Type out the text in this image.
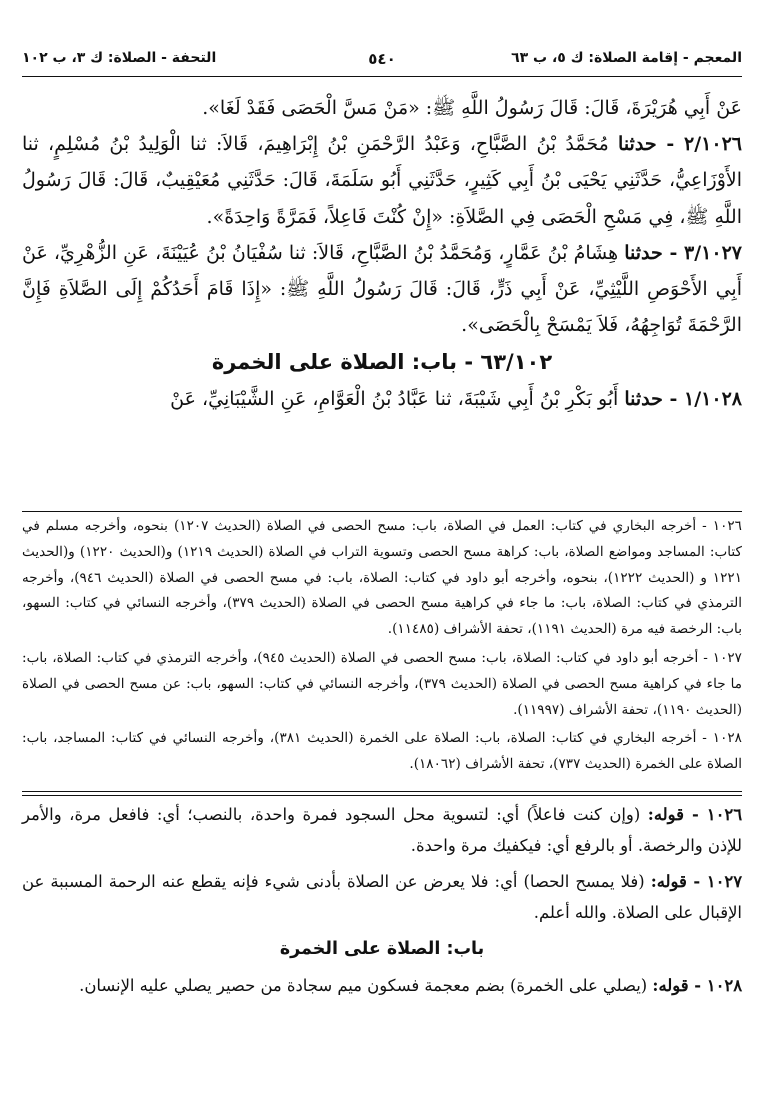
المعجم - إقامة الصلاة: ك ٥، ب ٦٣
٥٤٠
التحفة - الصلاة: ك ٣، ب ١٠٢

عَنْ أَبِي هُرَيْرَةَ، قَالَ: قَالَ رَسُولُ اللَّهِ ﷺ: «مَنْ مَسَّ الْحَصَى فَقَدْ لَغَا».

٢/١٠٢٦ - حدثنا مُحَمَّدُ بْنُ الصَّبَّاحِ، وَعَبْدُ الرَّحْمَنِ بْنُ إِبْرَاهِيمَ، قَالاَ: ثنا الْوَلِيدُ بْنُ مُسْلِمٍ، ثنا الأَوْزَاعِيُّ، حَدَّثَنِي يَحْيَى بْنُ أَبِي كَثِيرٍ، حَدَّثَنِي أَبُو سَلَمَةَ، قَالَ: حَدَّثَنِي مُعَيْقِيبٌ، قَالَ: قَالَ رَسُولُ اللَّهِ ﷺ، فِي مَسْحِ الْحَصَى فِي الصَّلاَةِ: «إِنْ كُنْتَ فَاعِلاً، فَمَرَّةً وَاحِدَةً».

٣/١٠٢٧ - حدثنا هِشَامُ بْنُ عَمَّارٍ، وَمُحَمَّدُ بْنُ الصَّبَّاحِ، قَالاَ: ثنا سُفْيَانُ بْنُ عُيَيْنَةَ، عَنِ الزُّهْرِيِّ، عَنْ أَبِي الأَحْوَصِ اللَّيْثِيِّ، عَنْ أَبِي ذَرٍّ، قَالَ: قَالَ رَسُولُ اللَّهِ ﷺ: «إِذَا قَامَ أَحَدُكُمْ إِلَى الصَّلاَةِ فَإِنَّ الرَّحْمَةَ تُوَاجِهُهُ، فَلاَ يَمْسَحْ بِالْحَصَى».

٦٣/١٠٢ - باب: الصلاة على الخمرة

١/١٠٢٨ - حدثنا أَبُو بَكْرِ بْنُ أَبِي شَيْبَةَ، ثنا عَبَّادُ بْنُ الْعَوَّامِ، عَنِ الشَّيْبَانِيِّ، عَنْ

١٠٢٦ - أخرجه البخاري في كتاب: العمل في الصلاة، باب: مسح الحصى في الصلاة (الحديث ١٢٠٧) بنحوه، وأخرجه مسلم في كتاب: المساجد ومواضع الصلاة، باب: كراهة مسح الحصى وتسوية التراب في الصلاة (الحديث ١٢١٩) و(الحديث ١٢٢٠) و(الحديث ١٢٢١ و (الحديث ١٢٢٢)، بنحوه، وأخرجه أبو داود في كتاب: الصلاة، باب: في مسح الحصى في الصلاة (الحديث ٩٤٦)، وأخرجه الترمذي في كتاب: الصلاة، باب: ما جاء في كراهية مسح الحصى في الصلاة (الحديث ٣٧٩)، وأخرجه النسائي في كتاب: السهو، باب: الرخصة فيه مرة (الحديث ١١٩١)، تحفة الأشراف (١١٤٨٥).

١٠٢٧ - أخرجه أبو داود في كتاب: الصلاة، باب: مسح الحصى في الصلاة (الحديث ٩٤٥)، وأخرجه الترمذي في كتاب: الصلاة، باب: ما جاء في كراهية مسح الحصى في الصلاة (الحديث ٣٧٩)، وأخرجه النسائي في كتاب: السهو، باب: عن مسح الحصى في الصلاة (الحديث ١١٩٠)، تحفة الأشراف (١١٩٩٧).

١٠٢٨ - أخرجه البخاري في كتاب: الصلاة، باب: الصلاة على الخمرة (الحديث ٣٨١)، وأخرجه النسائي في كتاب: المساجد، باب: الصلاة على الخمرة (الحديث ٧٣٧)، تحفة الأشراف (١٨٠٦٢).

١٠٢٦ - قوله: (وإن كنت فاعلاً) أي: لتسوية محل السجود فمرة واحدة، بالنصب؛ أي: فافعل مرة، والأمر للإذن والرخصة. أو بالرفع أي: فيكفيك مرة واحدة.

١٠٢٧ - قوله: (فلا يمسح الحصا) أي: فلا يعرض عن الصلاة بأدنى شيء فإنه يقطع عنه الرحمة المسببة عن الإقبال على الصلاة. والله أعلم.

باب: الصلاة على الخمرة

١٠٢٨ - قوله: (يصلي على الخمرة) بضم معجمة فسكون ميم سجادة من حصير يصلي عليه الإنسان.
